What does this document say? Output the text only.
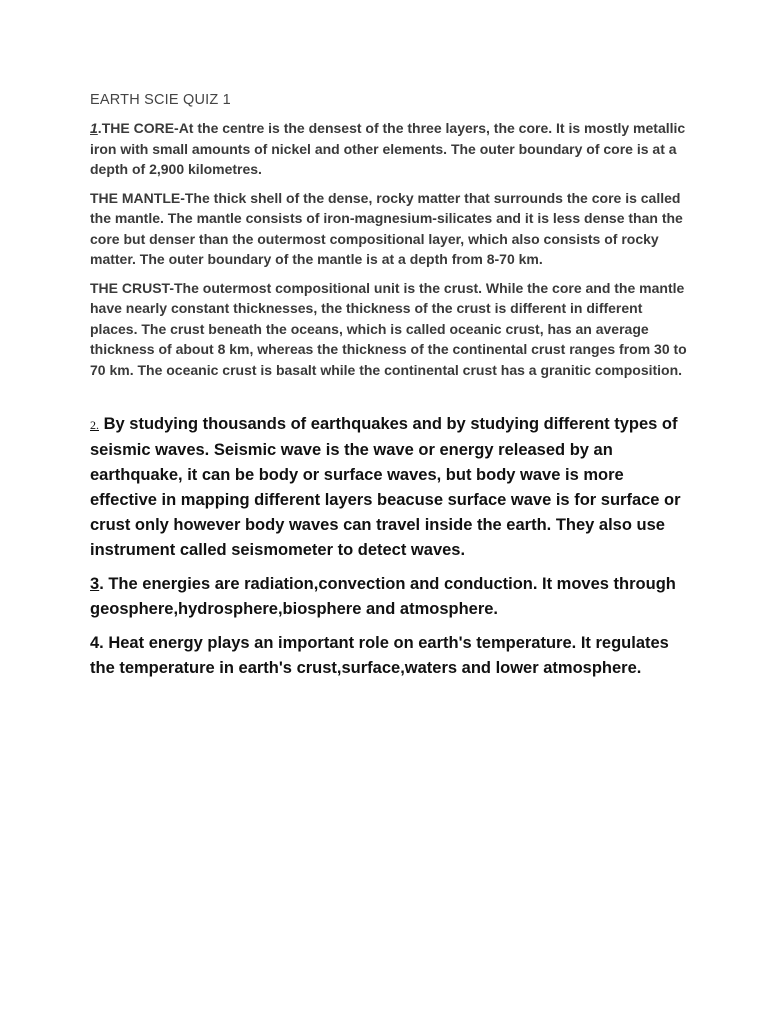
EARTH SCIE QUIZ 1

1.THE CORE-At the centre is the densest of the three layers, the core. It is mostly metallic iron with small amounts of nickel and other elements. The outer boundary of core is at a depth of 2,900 kilometres.

THE MANTLE-The thick shell of the dense, rocky matter that surrounds the core is called the mantle. The mantle consists of iron-magnesium-silicates and it is less dense than the core but denser than the outermost compositional layer, which also consists of rocky matter. The outer boundary of the mantle is at a depth from 8-70 km.

THE CRUST-The outermost compositional unit is the crust. While the core and the mantle have nearly constant thicknesses, the thickness of the crust is different in different places. The crust beneath the oceans, which is called oceanic crust, has an average thickness of about 8 km, whereas the thickness of the continental crust ranges from 30 to 70 km. The oceanic crust is basalt while the continental crust has a granitic composition.

2. By studying thousands of earthquakes and by studying different types of seismic waves. Seismic wave is the wave or energy released by an earthquake, it can be body or surface waves, but body wave is more effective in mapping different layers beacuse surface wave is for surface or crust only however body waves can travel inside the earth. They also use instrument called seismometer to detect waves.

3. The energies are radiation,convection and conduction. It moves through geosphere,hydrosphere,biosphere and atmosphere.

4. Heat energy plays an important role on earth's temperature. It regulates the temperature in earth's crust,surface,waters and lower atmosphere.
